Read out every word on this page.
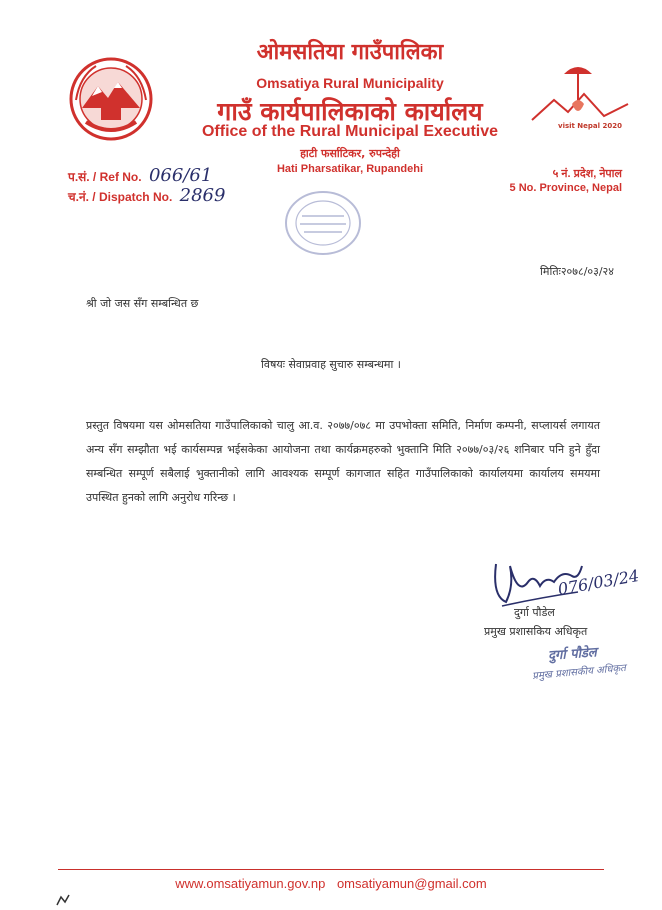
ओमसतिया गाउँपालिका
Omsatiya Rural Municipality
गाउँ कार्यपालिकाको कार्यालय
Office of the Rural Municipal Executive
हाटी फर्साटिकर, रुपन्देही
Hati Pharsatikar, Rupandehi
visit Nepal 2020
प.सं. / Ref No. 066/61
च.नं. / Dispatch No. 2869
५ नं. प्रदेश, नेपाल
5 No. Province, Nepal
मितिः२०७८/०३/२४
श्री जो जस सँग सम्बन्धित छ
विषयः सेवाप्रवाह सुचारु सम्बन्धमा ।
प्रस्तुत विषयमा यस ओमसतिया गाउँपालिकाको चालु आ.व. २०७७/०७८ मा उपभोक्ता समिति, निर्माण कम्पनी, सप्लायर्स लगायत अन्य सँग सम्झौता भई कार्यसम्पन्न भईसकेका आयोजना तथा कार्यक्रमहरुको भुक्तानि मिति २०७७/०३/२६ शनिबार पनि हुने हुँदा सम्बन्धित सम्पूर्ण सबैलाई भुक्तानीको लागि आवश्यक सम्पूर्ण कागजात सहित गाउँपालिकाको कार्यालयमा कार्यालय समयमा उपस्थित हुनको लागि अनुरोध गरिन्छ ।
दुर्गा पौडेल
076/03/24
प्रमुख प्रशासकिय अधिकृत
दुर्गा पौडेल
प्रमुख प्रशासकीय अधिकृत
www.omsatiyamun.gov.np omsatiyamun@gmail.com
